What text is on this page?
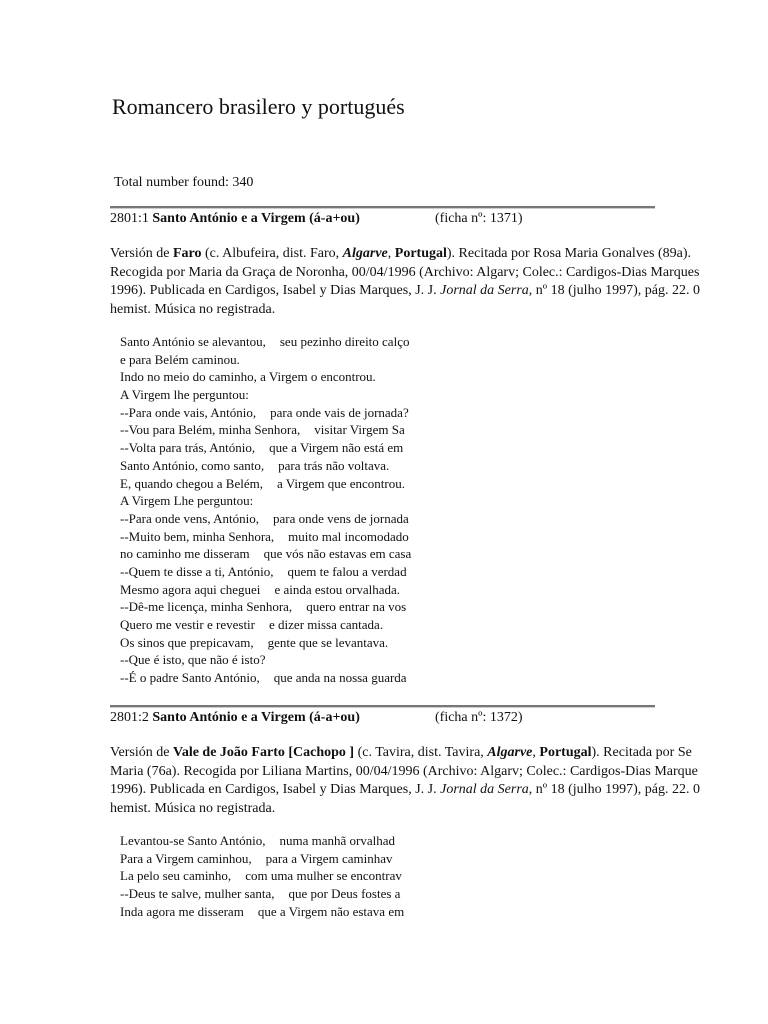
Romancero brasilero y portugués
Total number found: 340
2801:1 Santo António e a Virgem (á-a+ou)	(ficha nº: 1371)
Versión de Faro (c. Albufeira, dist. Faro, Algarve, Portugal). Recitada por Rosa Maria Gonalves (89a).
Recogida por Maria da Graça de Noronha, 00/04/1996 (Archivo: Algarv; Colec.: Cardigos-Dias Marques
1996). Publicada en Cardigos, Isabel y Dias Marques, J. J. Jornal da Serra, nº 18 (julho 1997), pág. 22. 0
hemist. Música no registrada.
Santo António se alevantou, seu pezinho direito calço
e para Belém caminou.
Indo no meio do caminho, a Virgem o encontrou.
A Virgem lhe perguntou:
--Para onde vais, António, para onde vais de jornada?
--Vou para Belém, minha Senhora, visitar Virgem Sa
--Volta para trás, António, que a Virgem não está em
Santo António, como santo, para trás não voltava.
E, quando chegou a Belém, a Virgem que encontrou.
A Virgem Lhe perguntou:
--Para onde vens, António, para onde vens de jornada
--Muito bem, minha Senhora, muito mal incomodado
no caminho me disseram que vós não estavas em casa
--Quem te disse a ti, António, quem te falou a verdad
Mesmo agora aqui cheguei e ainda estou orvalhada.
--Dê-me licença, minha Senhora, quero entrar na vos
Quero me vestir e revestir e dizer missa cantada.
Os sinos que prepicavam, gente que se levantava.
--Que é isto, que não é isto?
--É o padre Santo António, que anda na nossa guarda
2801:2 Santo António e a Virgem (á-a+ou)	(ficha nº: 1372)
Versión de Vale de João Farto [Cachopo ] (c. Tavira, dist. Tavira, Algarve, Portugal). Recitada por Se
Maria (76a). Recogida por Liliana Martins, 00/04/1996 (Archivo: Algarv; Colec.: Cardigos-Dias Marque
1996). Publicada en Cardigos, Isabel y Dias Marques, J. J. Jornal da Serra, nº 18 (julho 1997), pág. 22. 0
hemist. Música no registrada.
Levantou-se Santo António, numa manhã orvalhad
Para a Virgem caminhou, para a Virgem caminhav
La pelo seu caminho, com uma mulher se encontrav
--Deus te salve, mulher santa, que por Deus fostes a
Inda agora me disseram que a Virgem não estava em
